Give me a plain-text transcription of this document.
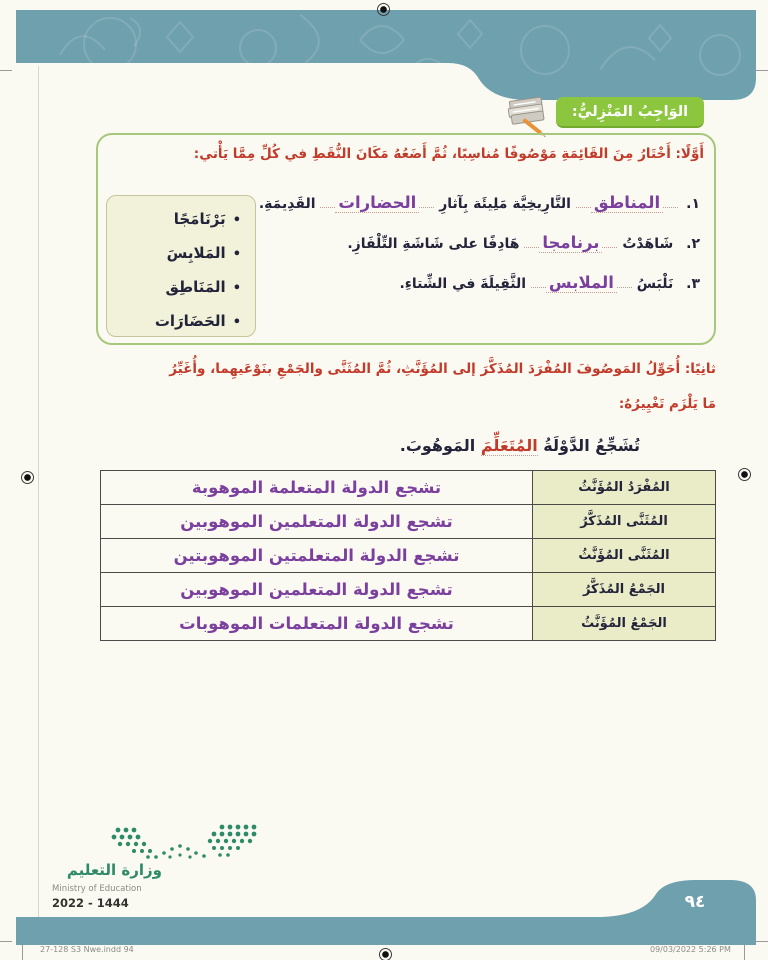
الوَاجِبُ المَنْزِليُّ:
أَوَّلًا: أَخْتَارُ مِنَ القَائِمَةِ مَوْصُوفًا مُناسِبًا، ثُمَّ أَضَعُهُ مَكَانَ النُّقَطِ في كُلِّ مِمَّا يَأْتي:
•بَرْنَامَجًا
•المَلابِسَ
•المَنَاطِق
•الحَضَارَات
١.المناطق التَّارِيخِيَّة مَلِيئَة بِآثارِ الحضارات القَدِيمَةِ.
٢. شَاهَدْتُ برنامجا هَادِفًا على شَاشَةِ التِّلْفَازِ.
٣. نَلْبَسُ الملابس الثَّقِيلَةَ في الشِّتاءِ.
ثانِيًا: أُحَوِّلُ المَوصُوفَ المُفْرَدَ المُذَكَّرَ إلى المُؤَنَّثِ، ثُمَّ المُثَنَّى والجَمْعِ بنَوْعَيهِما، وأُغَيِّرُ
مَا يَلْزَم تَغْيِيرُهُ:
تُشَجِّعُ الدَّوْلَةُ المُتَعَلِّمَ المَوهُوبَ.
المُفْرَدُ المُؤَنَّثُ	تشجع الدولة المتعلمة الموهوبة
المُثَنَّى المُذَكَّرُ	تشجع الدولة المتعلمين الموهوبين
المُثَنَّى المُؤَنَّثُ	تشجع الدولة المتعلمتين الموهوبتين
الجَمْعُ المُذَكَّرُ	تشجع الدولة المتعلمين الموهوبين
الجَمْعُ المُؤَنَّثُ	تشجع الدولة المتعلمات الموهوبات
وزارة التعليم
Ministry of Education
2022 - 1444	٩٤
27-128 S3 Nwe.indd 94	09/03/2022 5:26 PM
